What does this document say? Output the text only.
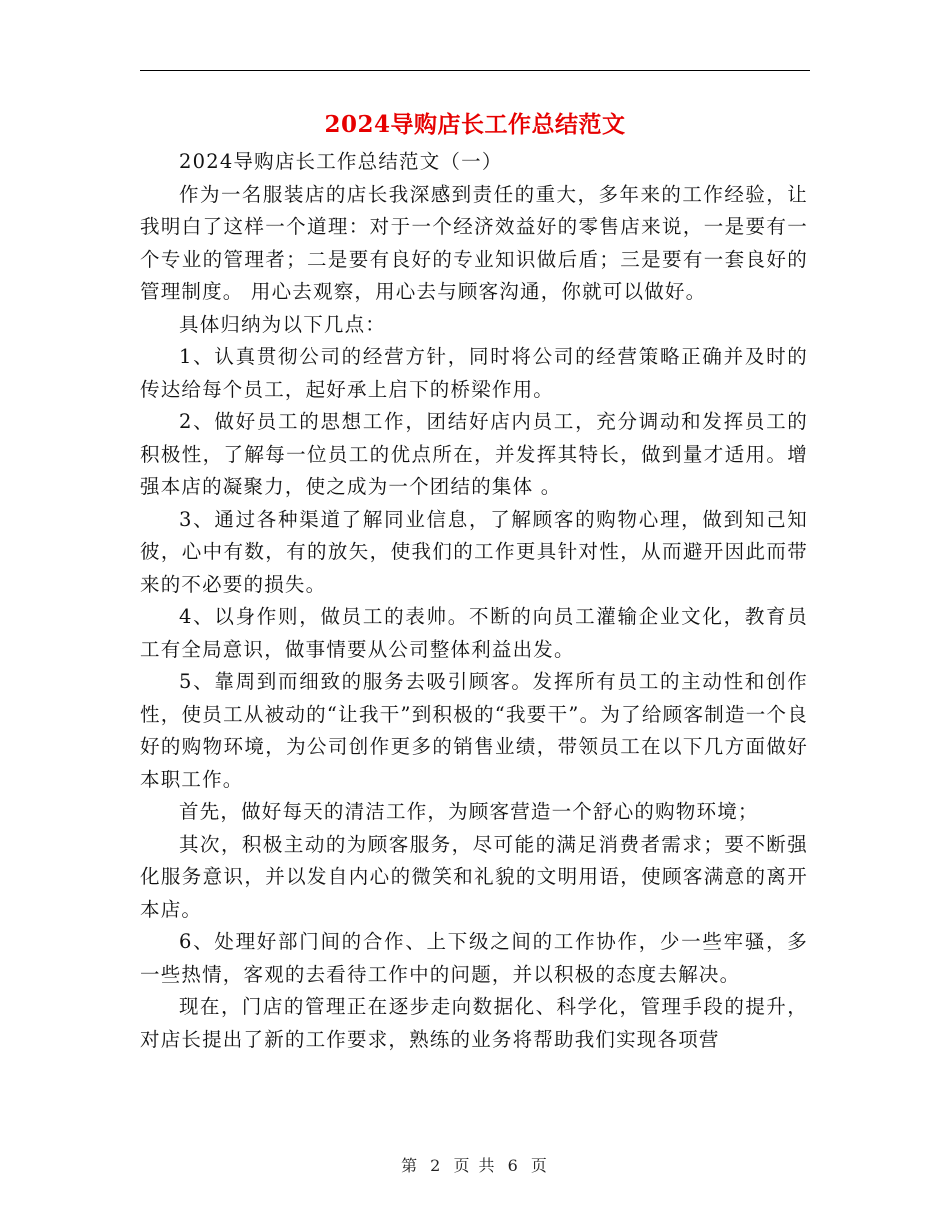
2024导购店长工作总结范文

2024导购店长工作总结范文（一）

作为一名服装店的店长我深感到责任的重大，多年来的工作经验，让我明白了这样一个道理：对于一个经济效益好的零售店来说，一是要有一个专业的管理者；二是要有良好的专业知识做后盾；三是要有一套良好的管理制度。 用心去观察，用心去与顾客沟通，你就可以做好。

具体归纳为以下几点：

1、认真贯彻公司的经营方针，同时将公司的经营策略正确并及时的传达给每个员工，起好承上启下的桥梁作用。

2、做好员工的思想工作，团结好店内员工，充分调动和发挥员工的积极性，了解每一位员工的优点所在，并发挥其特长，做到量才适用。增强本店的凝聚力，使之成为一个团结的集体 。

3、通过各种渠道了解同业信息，了解顾客的购物心理，做到知己知彼，心中有数，有的放矢，使我们的工作更具针对性，从而避开因此而带来的不必要的损失。

4、以身作则，做员工的表帅。不断的向员工灌输企业文化，教育员工有全局意识，做事情要从公司整体利益出发。

5、靠周到而细致的服务去吸引顾客。发挥所有员工的主动性和创作性，使员工从被动的“让我干”到积极的“我要干”。为了给顾客制造一个良好的购物环境，为公司创作更多的销售业绩，带领员工在以下几方面做好本职工作。

首先，做好每天的清洁工作，为顾客营造一个舒心的购物环境；

其次，积极主动的为顾客服务，尽可能的满足消费者需求；要不断强化服务意识，并以发自内心的微笑和礼貌的文明用语，使顾客满意的离开本店。

6、处理好部门间的合作、上下级之间的工作协作，少一些牢骚，多一些热情，客观的去看待工作中的问题，并以积极的态度去解决。

现在，门店的管理正在逐步走向数据化、科学化，管理手段的提升，对店长提出了新的工作要求，熟练的业务将帮助我们实现各项营

第 2 页 共 6 页
